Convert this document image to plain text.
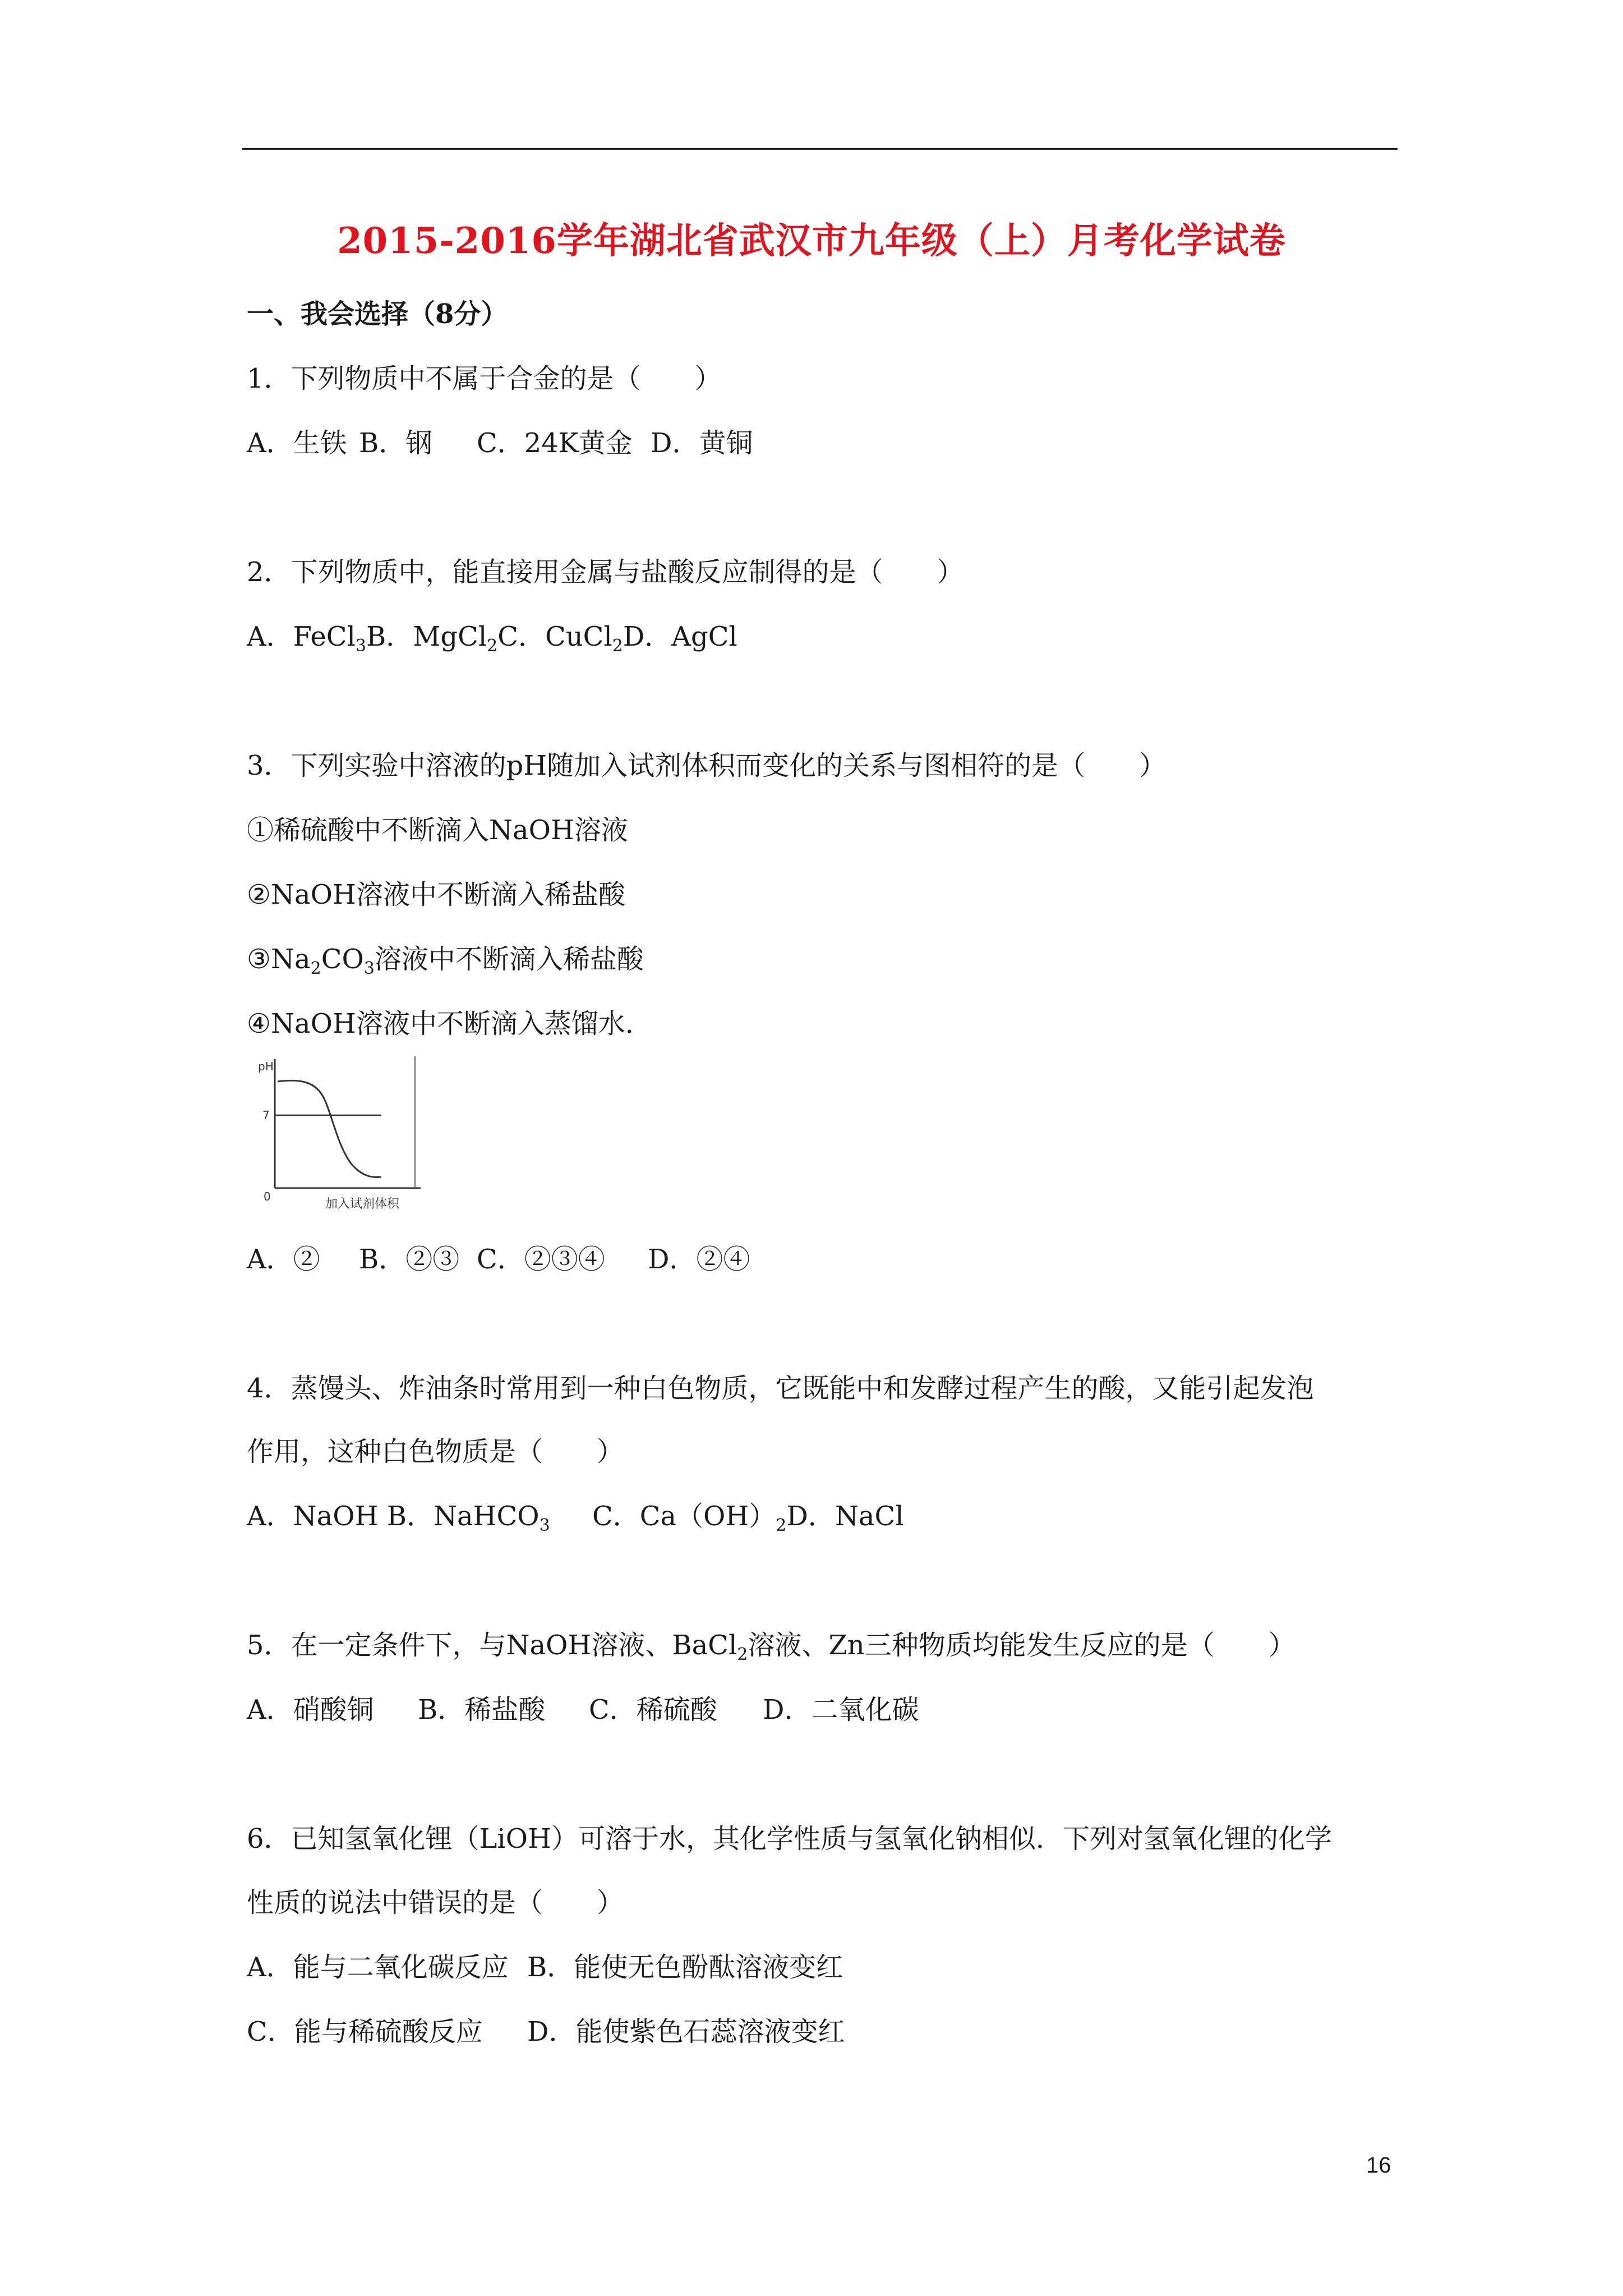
2015-2016学年湖北省武汉市九年级（上）月考化学试卷
一、我会选择（8分）
1．下列物质中不属于合金的是（　　）
A．生铁 B．钢 C．24K黄金 D．黄铜
2．下列物质中，能直接用金属与盐酸反应制得的是（　　）
A．FeCl$_3$B．MgCl$_2$C．CuCl$_2$D．AgCl
3．下列实验中溶液的pH随加入试剂体积而变化的关系与图相符的是（　　）
①稀硫酸中不断滴入NaOH溶液
②NaOH溶液中不断滴入稀盐酸
$③Na_2CO_3$溶液中不断滴入稀盐酸
④NaOH溶液中不断滴入蒸馏水．
pH
7
0
加入试剂体积
A．② B．②③ C．②③④ D．②④
4．蒸馒头、炸油条时常用到一种白色物质，它既能中和发酵过程产生的酸，又能引起发泡
作用，这种白色物质是（　　）
A．NaOH B．NaHCO$_3$ C．$Ca(OH)_2D$．NaCl
5．在一定条件下，与NaOH溶液、BaCl$_2$溶液、Zn三种物质均能发生反应的是（　　）
A．硝酸铜 B．稀盐酸 C．稀硫酸 D．二氧化碳
6．已知氢氧化锂（LiOH）可溶于水，其化学性质与氢氧化钠相似．下列对氢氧化锂的化学
性质的说法中错误的是（　　）
A．能与二氧化碳反应 B．能使无色酚酞溶液变红
C．能与稀硫酸反应 D．能使紫色石蕊溶液变红
16
